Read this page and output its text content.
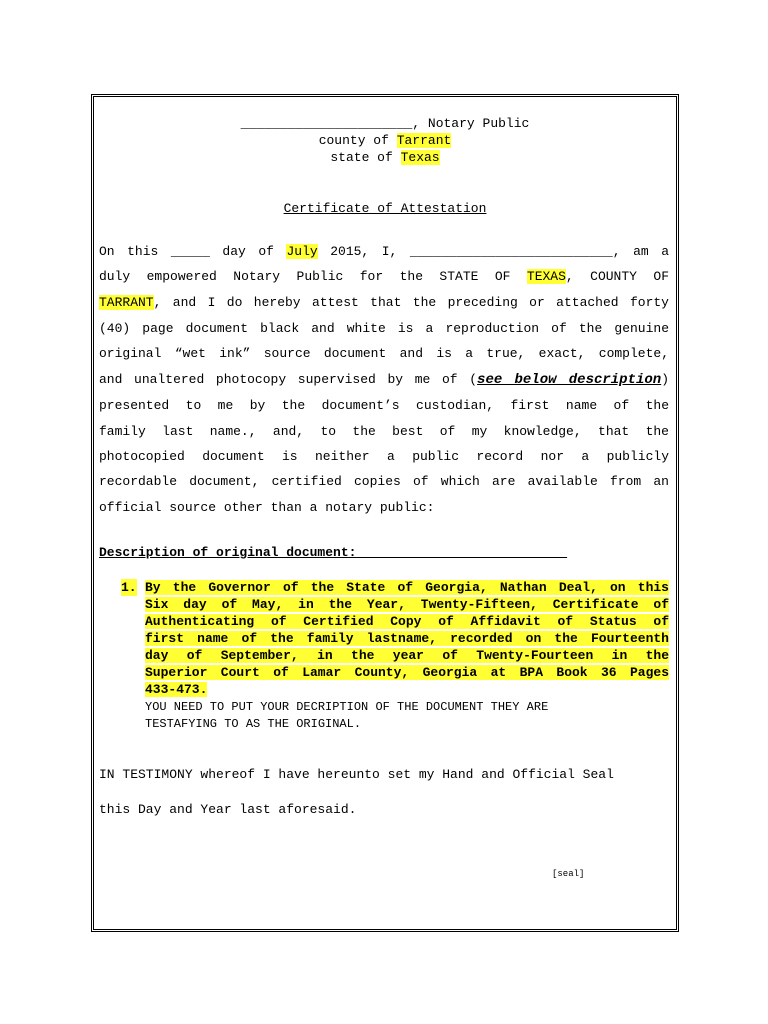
______________________, Notary Public
county of Tarrant
state of Texas
Certificate of Attestation
On this _____ day of July 2015, I, __________________________, am a
duly empowered Notary Public for the STATE OF TEXAS, COUNTY OF
TARRANT, and I do hereby attest that the preceding or attached forty
(40) page document black and white is a reproduction of the genuine
original “wet ink” source document and is a true, exact, complete,
and unaltered photocopy supervised by me of (see below description)
presented to me by the document’s custodian, first name of the
family last name., and, to the best of my knowledge, that the
photocopied document is neither a public record nor a publicly
recordable document, certified copies of which are available from an
official source other than a notary public:
Description of original document:
1. By the Governor of the State of Georgia, Nathan Deal, on this
Six day of May, in the Year, Twenty-Fifteen, Certificate of
Authenticating of Certified Copy of Affidavit of Status of
first name of the family lastname, recorded on the Fourteenth
day of September, in the year of Twenty-Fourteen in the
Superior Court of Lamar County, Georgia at BPA Book 36 Pages
433-473.
YOU NEED TO PUT YOUR DECRIPTION OF THE DOCUMENT THEY ARE
TESTAFYING TO AS THE ORIGINAL.
IN TESTIMONY whereof I have hereunto set my Hand and Official Seal
this Day and Year last aforesaid.
[seal]
